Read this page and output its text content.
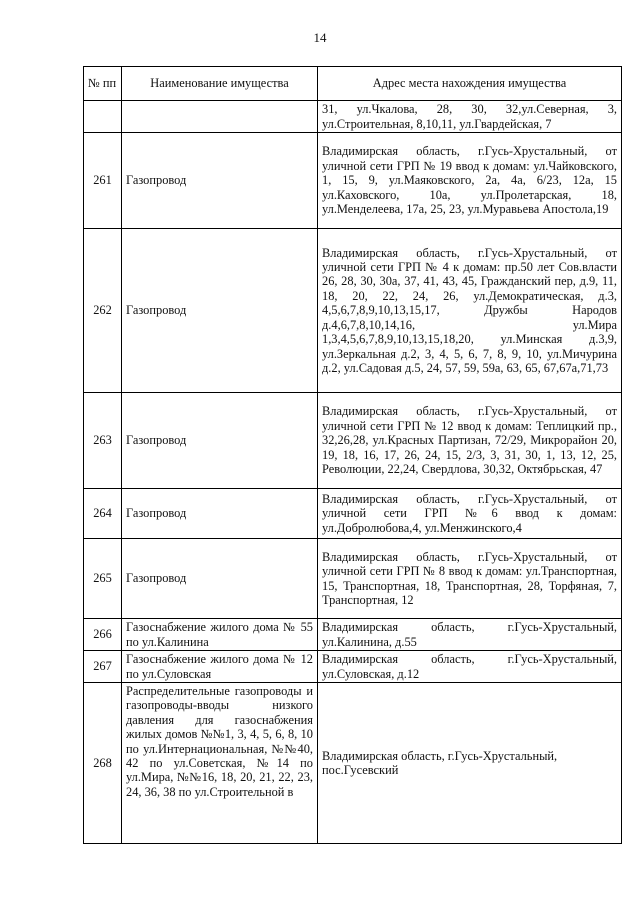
14
№ пп	Наименование имущества	Адрес места нахождения имущества
		31, ул.Чкалова, 28, 30, 32,ул.Северная, 3, ул.Строительная, 8,10,11, ул.Гвардейская, 7
261	Газопровод	Владимирская область, г.Гусь-Хрустальный, от уличной сети ГРП № 19 ввод к домам: ул.Чайковского, 1, 15, 9, ул.Маяковского, 2а, 4а, 6/23, 12а, 15 ул.Каховского, 10а, ул.Пролетарская, 18, ул.Менделеева, 17а, 25, 23, ул.Муравьева Апостола,19
262	Газопровод	Владимирская область, г.Гусь-Хрустальный, от уличной сети ГРП № 4 к домам: пр.50 лет Сов.власти 26, 28, 30, 30а, 37, 41, 43, 45, Гражданский пер, д.9, 11, 18, 20, 22, 24, 26, ул.Демократическая, д.3, 4,5,6,7,8,9,10,13,15,17, Дружбы Народов д.4,6,7,8,10,14,16, ул.Мира 1,3,4,5,6,7,8,9,10,13,15,18,20, ул.Минская д.3,9, ул.Зеркальная д.2, 3, 4, 5, 6, 7, 8, 9, 10, ул.Мичурина д.2, ул.Садовая д.5, 24, 57, 59, 59а, 63, 65, 67,67а,71,73
263	Газопровод	Владимирская область, г.Гусь-Хрустальный, от уличной сети ГРП № 12 ввод к домам: Теплицкий пр., 32,26,28, ул.Красных Партизан, 72/29, Микрорайон 20, 19, 18, 16, 17, 26, 24, 15, 2/3, 3, 31, 30, 1, 13, 12, 25, Революции, 22,24, Свердлова, 30,32, Октябрьская, 47
264	Газопровод	Владимирская область, г.Гусь-Хрустальный, от уличной сети ГРП №6 ввод к домам: ул.Добролюбова,4, ул.Менжинского,4
265	Газопровод	Владимирская область, г.Гусь-Хрустальный, от уличной сети ГРП № 8 ввод к домам: ул.Транспортная, 15, Транспортная, 18, Транспортная, 28, Торфяная, 7, Транспортная, 12
266	Газоснабжение жилого дома № 55 по ул.Калинина	Владимирская область, г.Гусь-Хрустальный, ул.Калинина, д.55
267	Газоснабжение жилого дома № 12 по ул.Суловская	Владимирская область, г.Гусь-Хрустальный, ул.Суловская, д.12
268	Распределительные газопроводы и газопроводы-вводы низкого давления для газоснабжения жилых домов №№1, 3, 4, 5, 6, 8, 10 по ул.Интернациональная, №№40, 42 по ул.Советская, №14 по ул.Мира, №№16, 18, 20, 21, 22, 23, 24, 36, 38 по ул.Строительной в	Владимирская область, г.Гусь-Хрустальный, пос.Гусевский
